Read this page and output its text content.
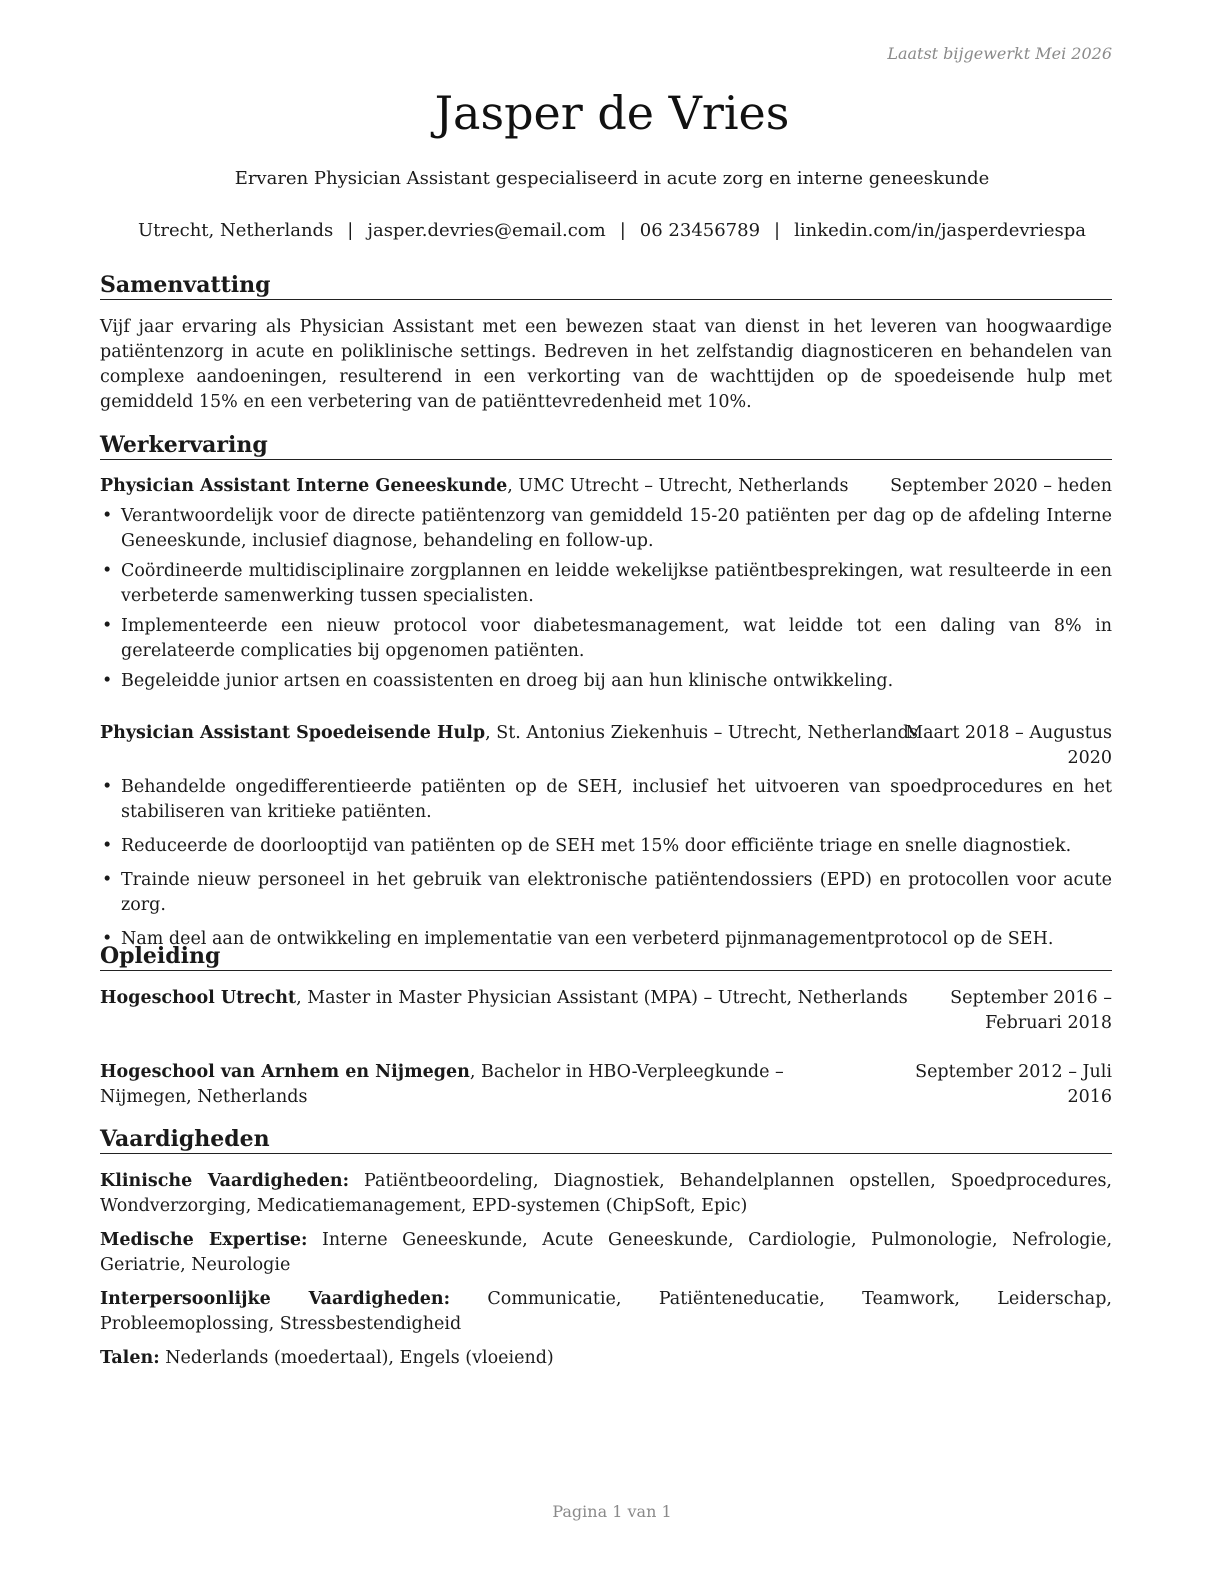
Laatst bijgewerkt Mei 2026
Jasper de Vries
Ervaren Physician Assistant gespecialiseerd in acute zorg en interne geneeskunde
Utrecht, Netherlands | jasper.devries@email.com | 06 23456789 | linkedin.com/in/jasperdevriespa
Samenvatting

Vijf jaar ervaring als Physician Assistant met een bewezen staat van dienst in het leveren van hoogwaardige patiëntenzorg in acute en poliklinische settings. Bedreven in het zelfstandig diagnosticeren en behandelen van complexe aandoeningen, resulterend in een verkorting van de wachttijden op de spoedeisende hulp met gemiddeld 15% en een verbetering van de patiënttevredenheid met 10%.

Werkervaring
Physician Assistant Interne Geneeskunde, UMC Utrecht – Utrecht, Netherlands September 2020 – heden
• Verantwoordelijk voor de directe patiëntenzorg van gemiddeld 15-20 patiënten per dag op de afdeling Interne Geneeskunde, inclusief diagnose, behandeling en follow-up.
• Coördineerde multidisciplinaire zorgplannen en leidde wekelijkse patiëntbesprekingen, wat resulteerde in een verbeterde samenwerking tussen specialisten.
• Implementeerde een nieuw protocol voor diabetesmanagement, wat leidde tot een daling van 8% in gerelateerde complicaties bij opgenomen patiënten.
• Begeleidde junior artsen en coassistenten en droeg bij aan hun klinische ontwikkeling.
Physician Assistant Spoedeisende Hulp, St. Antonius Ziekenhuis – Utrecht, Netherlands
Maart 2018 – Augustus 2020
• Behandelde ongedifferentieerde patiënten op de SEH, inclusief het uitvoeren van spoedprocedures en het stabiliseren van kritieke patiënten.
• Reduceerde de doorlooptijd van patiënten op de SEH met 15% door efficiënte triage en snelle diagnostiek.
• Trainde nieuw personeel in het gebruik van elektronische patiëntendossiers (EPD) en protocollen voor acute zorg.
• Nam deel aan de ontwikkeling en implementatie van een verbeterd pijnmanagementprotocol op de SEH.
Opleiding
Hogeschool Utrecht, Master in Master Physician Assistant (MPA) – Utrecht, Netherlands	September 2016 – Februari 2018
Hogeschool van Arnhem en Nijmegen, Bachelor in HBO-Verpleegkunde – Nijmegen, Netherlands
September 2012 – Juli 2016
Vaardigheden

Klinische Vaardigheden: Patiëntbeoordeling, Diagnostiek, Behandelplannen opstellen, Spoedprocedures, Wondverzorging, Medicatiemanagement, EPD-systemen (ChipSoft, Epic)

Medische Expertise: Interne Geneeskunde, Acute Geneeskunde, Cardiologie, Pulmonologie, Nefrologie, Geriatrie, Neurologie

Interpersoonlijke Vaardigheden: Communicatie, Patiënteneducatie, Teamwork, Leiderschap, Probleemoplossing, Stressbestendigheid

Talen: Nederlands (moedertaal), Engels (vloeiend)

Pagina 1 van 1
